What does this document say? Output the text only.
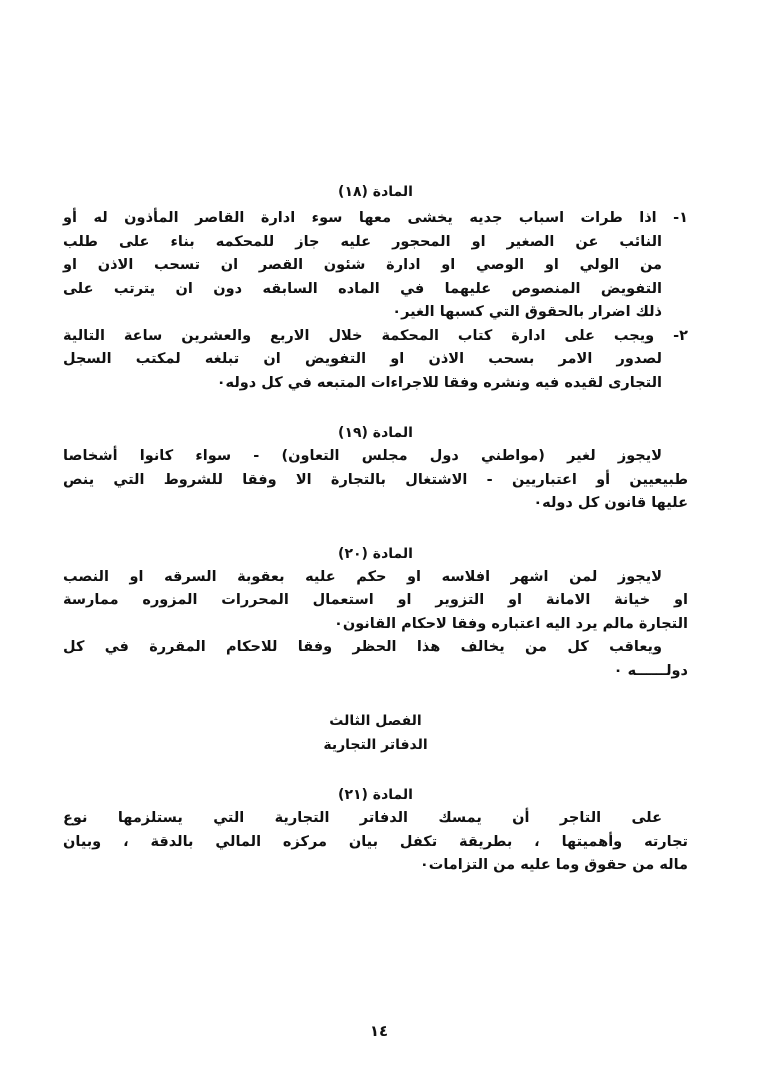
المادة (١٨)

١- اذا طرات اسباب جديه يخشى معها سوء ادارة القاصر المأذون له أو

النائب عن الصغير او المحجور عليه جاز للمحكمه بناء على طلب

من الولي او الوصي او ادارة شئون القصر ان تسحب الاذن او

التفويض المنصوص عليهما في الماده السابقه دون ان يترتب على

ذلك اضرار بالحقوق التي كسبها الغير٠

٢- ويجب على ادارة كتاب المحكمة خلال الاربع والعشرين ساعة التالية

لصدور الامر بسحب الاذن او التفويض ان تبلغه لمكتب السجل

التجارى لقيده فيه ونشره وفقا للاجراءات المتبعه في كل دوله٠

المادة (١٩)

لايجوز لغير (مواطني دول مجلس التعاون) - سواء كانوا أشخاصا

طبيعيين أو اعتباريين - الاشتغال بالتجارة الا وفقا للشروط التي ينص

عليها قانون كل دوله٠

المادة (٢٠)

لايجوز لمن اشهر افلاسه او حكم عليه بعقوبة السرقه او النصب

او خيانة الامانة او التزوير او استعمال المحررات المزوره ممارسة

التجارة مالم يرد اليه اعتباره وفقا لاحكام القانون٠

ويعاقب كل من يخالف هذا الحظر وفقا للاحكام المقررة في كل

دولــــــه ٠

الفصل الثالث

الدفاتر التجارية

المادة (٢١)

على التاجر أن يمسك الدفاتر التجارية التي يستلزمها نوع

تجارته وأهميتها ، بطريقة تكفل بيان مركزه المالي بالدقة ، وبيان

ماله من حقوق وما عليه من التزامات٠

١٤
